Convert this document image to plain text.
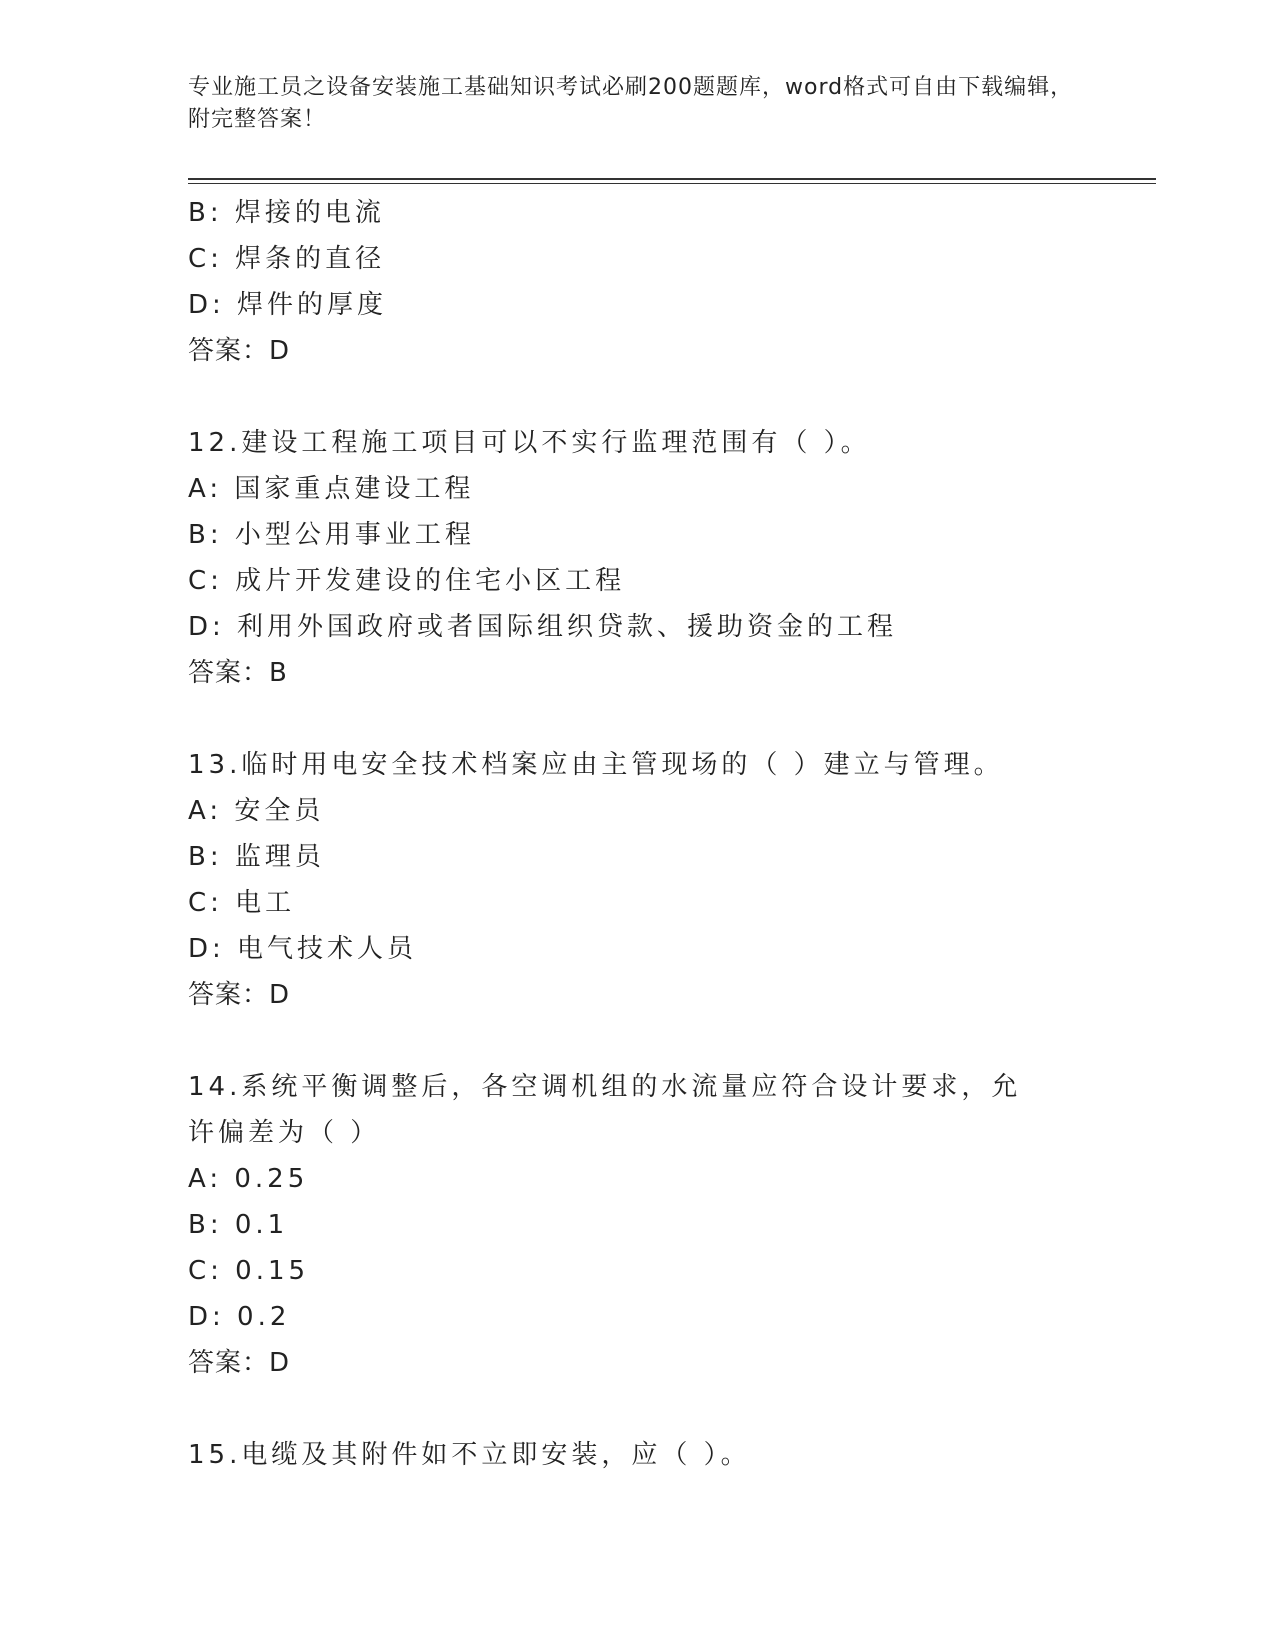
专业施工员之设备安装施工基础知识考试必刷200题题库，word格式可自由下载编辑，附完整答案！
B: 焊接的电流
C: 焊条的直径
D: 焊件的厚度
答案：D
12.建设工程施工项目可以不实行监理范围有（ ）。
A: 国家重点建设工程
B: 小型公用事业工程
C: 成片开发建设的住宅小区工程
D: 利用外国政府或者国际组织贷款、援助资金的工程
答案：B
13.临时用电安全技术档案应由主管现场的（ ）建立与管理。
A: 安全员
B: 监理员
C: 电工
D: 电气技术人员
答案：D
14.系统平衡调整后，各空调机组的水流量应符合设计要求，允许偏差为（ ）
A: 0.25
B: 0.1
C: 0.15
D: 0.2
答案：D
15.电缆及其附件如不立即安装，应（ ）。
